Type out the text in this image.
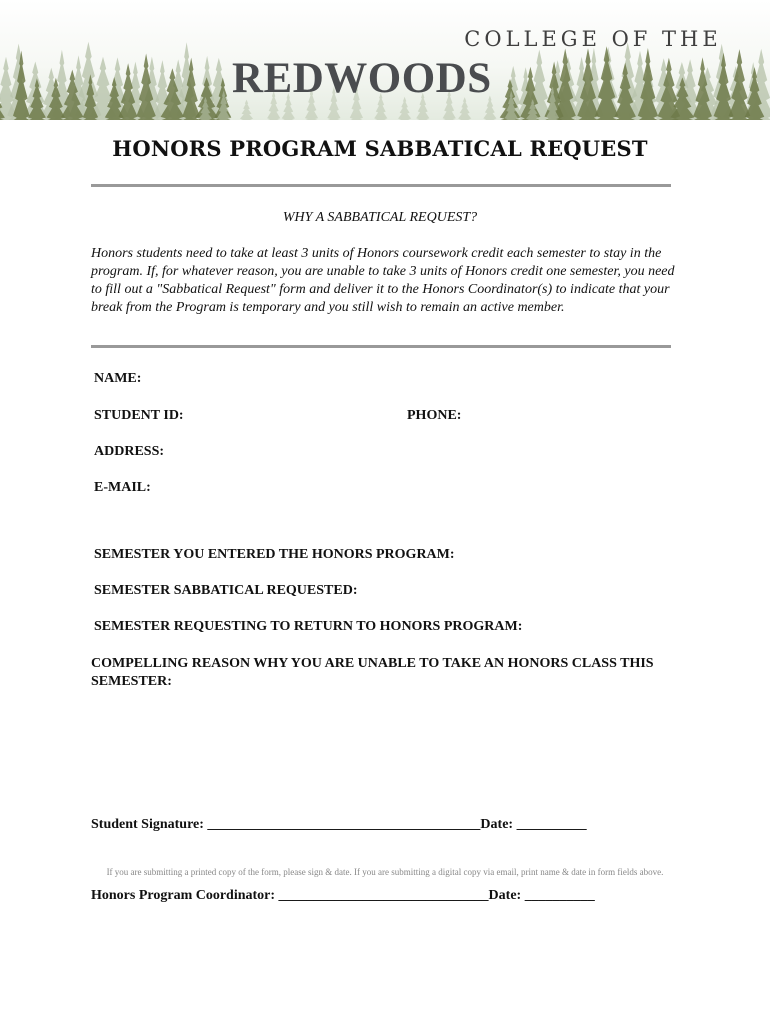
COLLEGE OF THE
REDWOODS
HONORS PROGRAM SABBATICAL REQUEST
WHY A SABBATICAL REQUEST?
Honors students need to take at least 3 units of Honors coursework credit each semester to stay in the program. If, for whatever reason, you are unable to take 3 units of Honors credit one semester, you need to fill out a "Sabbatical Request" form and deliver it to the Honors Coordinator(s) to indicate that your break from the Program is temporary and you still wish to remain an active member.
NAME:
STUDENT ID:	PHONE:
ADDRESS:
E-MAIL:
SEMESTER YOU ENTERED THE HONORS PROGRAM:
SEMESTER SABBATICAL REQUESTED:
SEMESTER REQUESTING TO RETURN TO HONORS PROGRAM:
COMPELLING REASON WHY YOU ARE UNABLE TO TAKE AN HONORS CLASS THIS SEMESTER:
Student Signature: _______________________________________Date: __________
If you are submitting a printed copy of the form, please sign & date. If you are submitting a digital copy via email, print name & date in form fields above.
Honors Program Coordinator: ______________________________Date: __________
